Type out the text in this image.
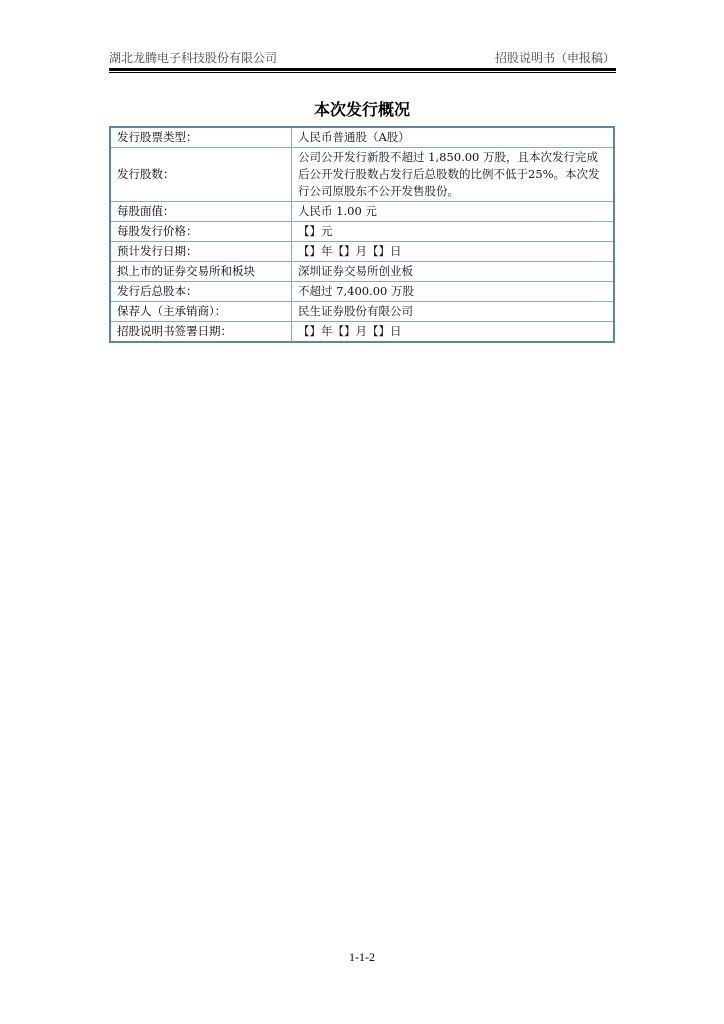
湖北龙腾电子科技股份有限公司	招股说明书（申报稿）
本次发行概况
发行股票类型：	人民币普通股（A股）
发行股数：	公司公开发行新股不超过 1,850.00 万股，且本次发行完成后公开发行股数占发行后总股数的比例不低于25%。本次发行公司原股东不公开发售股份。
每股面值：	人民币 1.00 元
每股发行价格：	【】元
预计发行日期：	【】年【】月【】日
拟上市的证券交易所和板块	深圳证券交易所创业板
发行后总股本：	不超过 7,400.00 万股
保荐人（主承销商）：	民生证券股份有限公司
招股说明书签署日期：	【】年【】月【】日
1-1-2
